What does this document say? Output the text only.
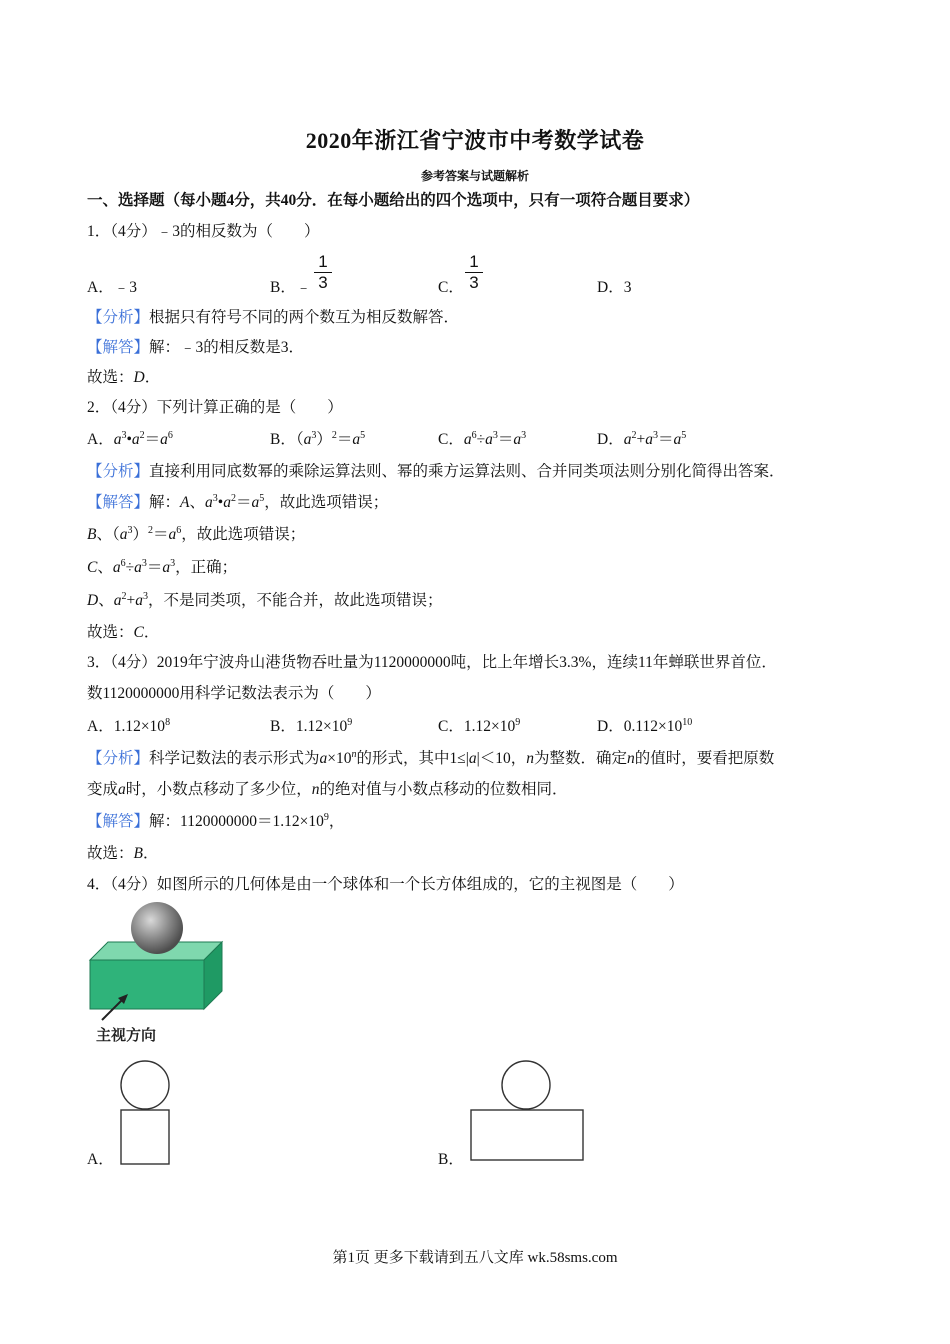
2020年浙江省宁波市中考数学试卷
参考答案与试题解析
一、选择题（每小题4分，共40分．在每小题给出的四个选项中，只有一项符合题目要求）
1．（4分）﹣3的相反数为（　　）
A．﹣3	B．﹣
1
3	C．
1
3	D．3
【分析】根据只有符号不同的两个数互为相反数解答．
【解答】解：﹣3的相反数是3．
故选：D．
2．（4分）下列计算正确的是（　　）
A．$a^3•a^2=a^6$	B．$(a^3)^2=a^5$	C．$a^6\div a^3=a^3$	D．$a^2+a^3=a^5$
【分析】直接利用同底数幂的乘除运算法则、幂的乘方运算法则、合并同类项法则分别化简得出答案．
【解答】解：A、$a^3•a^2=a^5$，故此选项错误；
B、$(a^3)^2=a^6$，故此选项错误；
C、$a^6\div a^3=a^3$，正确；
D、$a^2+a^3$，不是同类项，不能合并，故此选项错误；
故选：C．
3．（4分）2019年宁波舟山港货物吞吐量为1120000000吨，比上年增长3.3%，连续11年蝉联世界首位．
数1120000000用科学记数法表示为（　　）
A．$1.12\times 10^8$	B．$1.12\times 10^9$	C．$1.12\times 10^9$	D．$0.112\times 10^{10}$
【分析】科学记数法的表示形式为$a\times 10^n$的形式，其中1≤|a|＜10，n为整数．确定n的值时，要看把原数
变成a时，小数点移动了多少位，n的绝对值与小数点移动的位数相同．
【解答】解：$1120000000=1.12\times 10^9$，
故选：B．
4．（4分）如图所示的几何体是由一个球体和一个长方体组成的，它的主视图是（　　）
主视方向
A．	B．
第1页 更多下载请到五八文库 wk.58sms.com
